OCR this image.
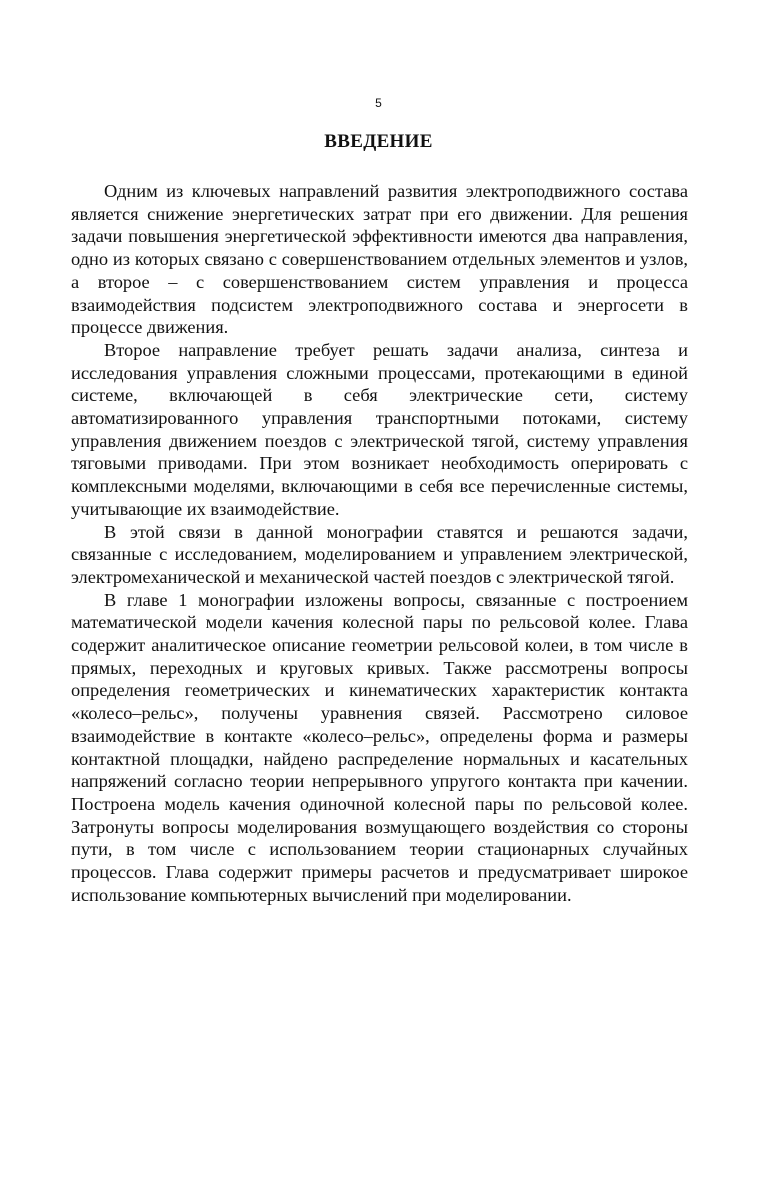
5
ВВЕДЕНИЕ

Одним из ключевых направлений развития электроподвижного состава является снижение энергетических затрат при его движении. Для решения задачи повышения энергетической эффективности имеются два направления, одно из которых связано с совершенствованием отдельных элементов и узлов, а второе – с совершенствованием систем управления и процесса взаимодействия подсистем электроподвижного состава и энергосети в процессе движения.

Второе направление требует решать задачи анализа, синтеза и исследования управления сложными процессами, протекающими в единой системе, включающей в себя электрические сети, систему автоматизированного управления транспортными потоками, систему управления движением поездов с электрической тягой, систему управления тяговыми приводами. При этом возникает необходимость оперировать с комплексными моделями, включающими в себя все перечисленные системы, учитывающие их взаимодействие.

В этой связи в данной монографии ставятся и решаются задачи, связанные с исследованием, моделированием и управлением электрической, электромеханической и механической частей поездов с электрической тягой.

В главе 1 монографии изложены вопросы, связанные с построением математической модели качения колесной пары по рельсовой колее. Глава содержит аналитическое описание геометрии рельсовой колеи, в том числе в прямых, переходных и круговых кривых. Также рассмотрены вопросы определения геометрических и кинематических характеристик контакта «колесо–рельс», получены уравнения связей. Рассмотрено силовое взаимодействие в контакте «колесо–рельс», определены форма и размеры контактной площадки, найдено распределение нормальных и касательных напряжений согласно теории непрерывного упругого контакта при качении. Построена модель качения одиночной колесной пары по рельсовой колее. Затронуты вопросы моделирования возмущающего воздействия со стороны пути, в том числе с использованием теории стационарных случайных процессов. Глава содержит примеры расчетов и предусматривает широкое использование компьютерных вычислений при моделировании.
